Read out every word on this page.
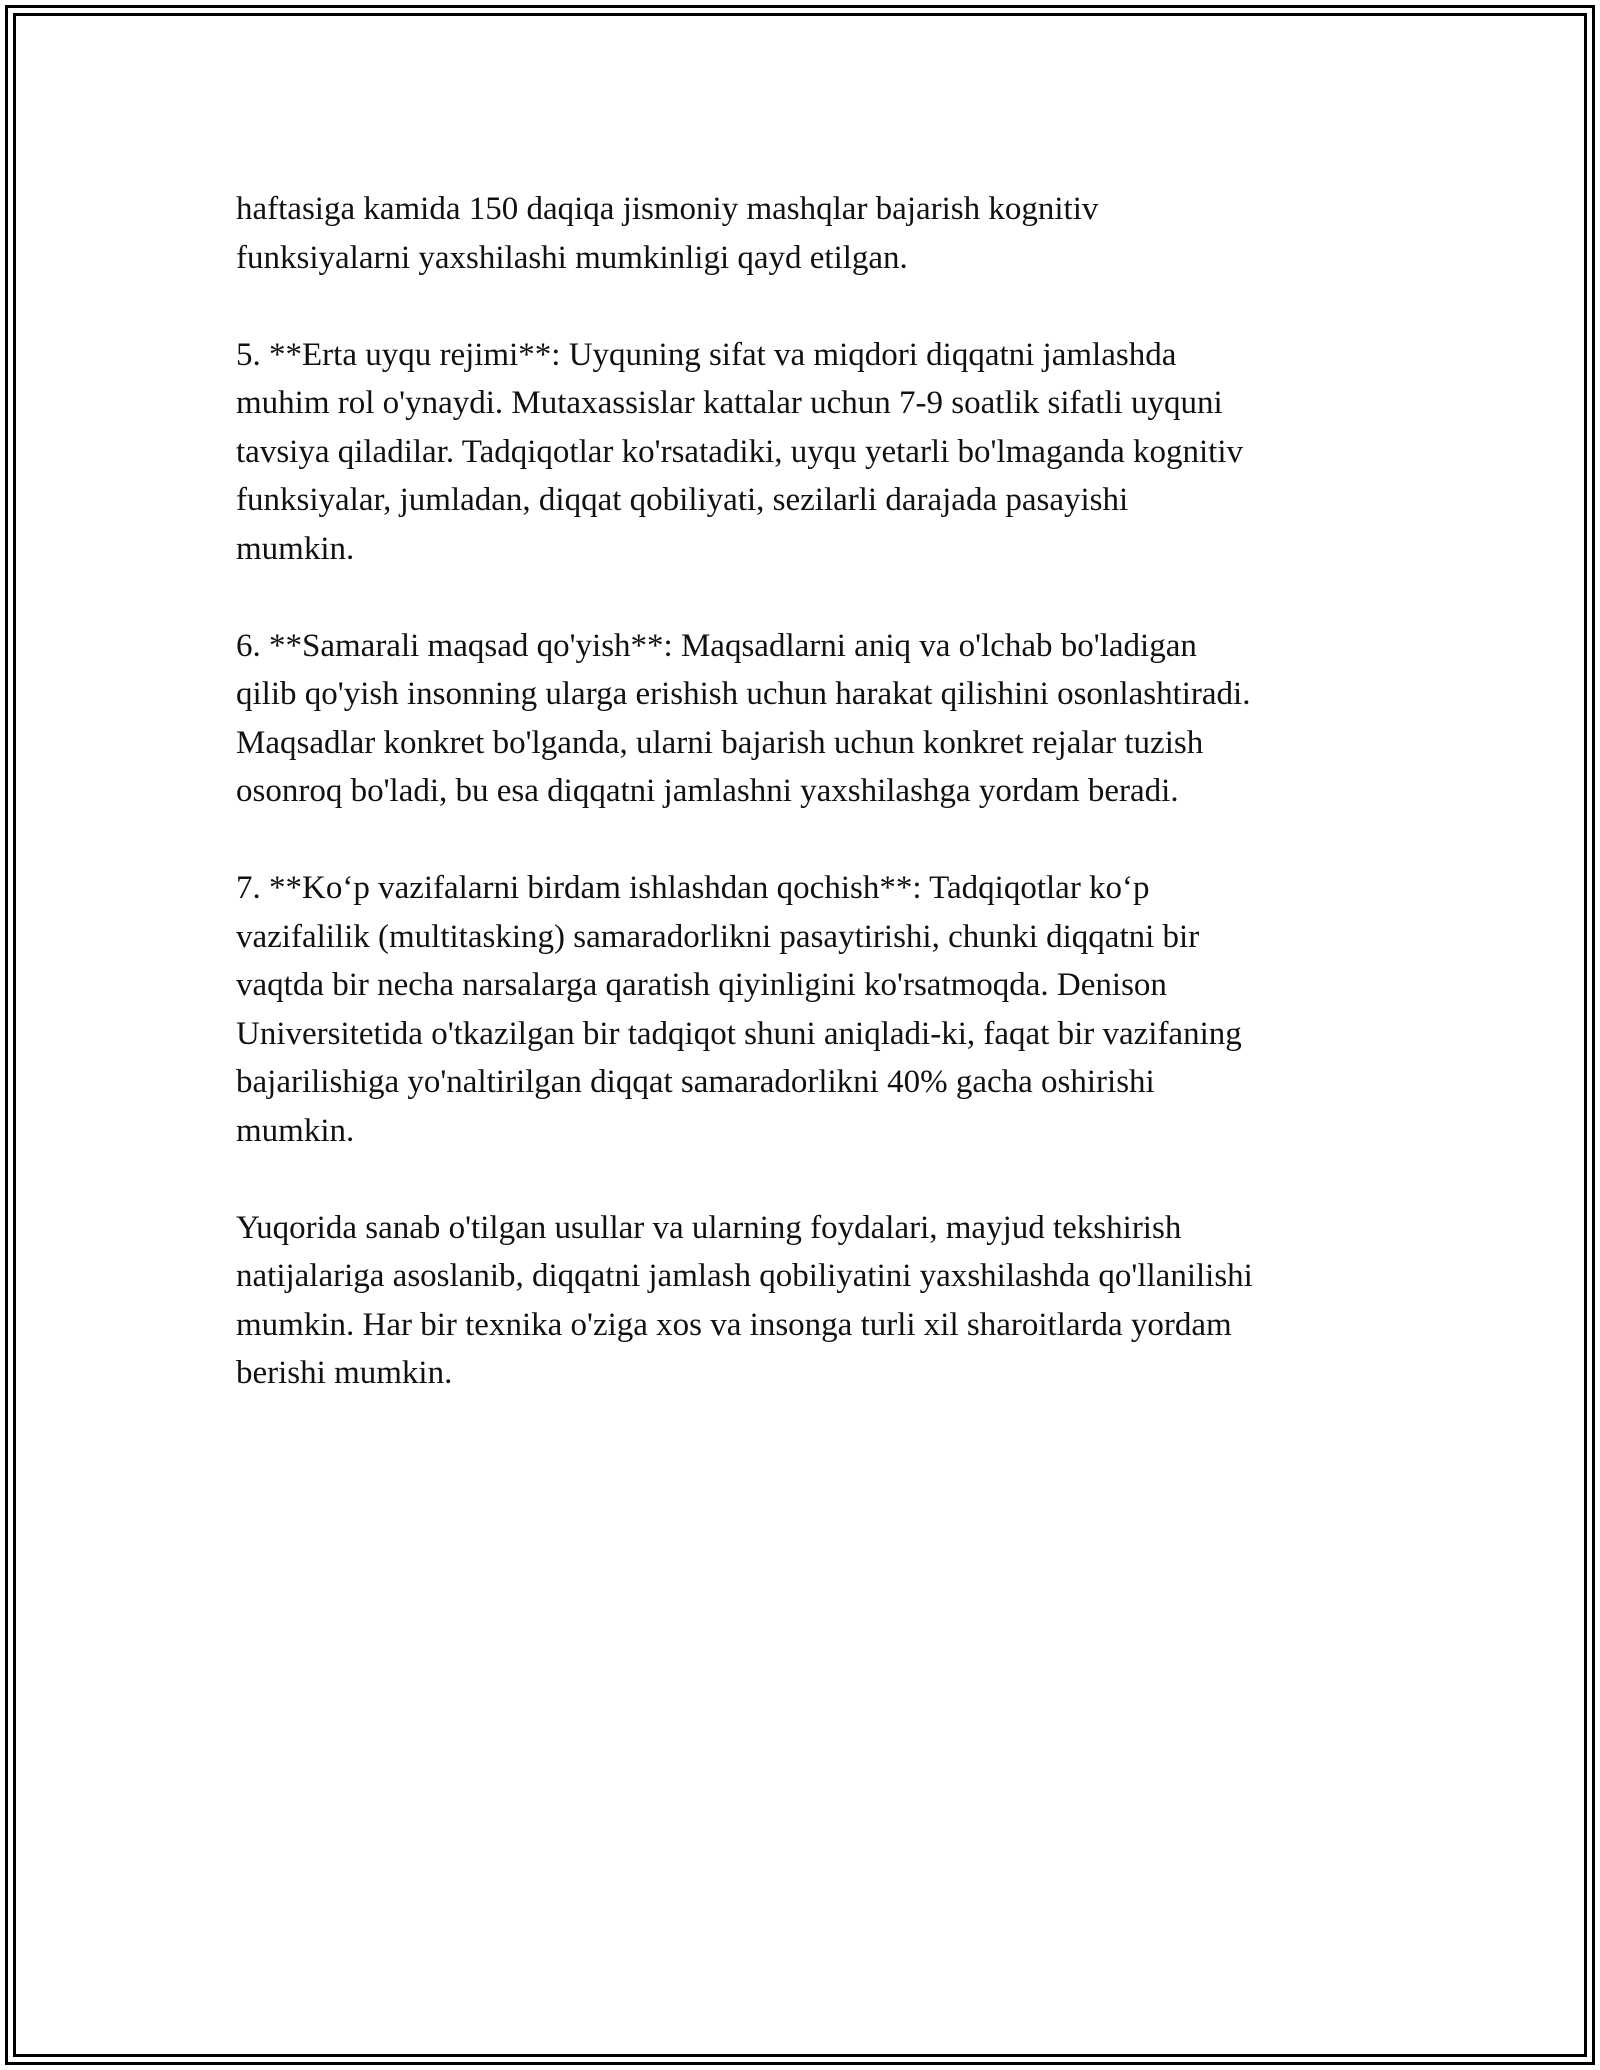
haftasiga kamida 150 daqiqa jismoniy mashqlar bajarish kognitiv
funksiyalarni yaxshilashi mumkinligi qayd etilgan.

5. **Erta uyqu rejimi**: Uyquning sifat va miqdori diqqatni jamlashda
muhim rol o'ynaydi. Mutaxassislar kattalar uchun 7-9 soatlik sifatli uyquni
tavsiya qiladilar. Tadqiqotlar ko'rsatadiki, uyqu yetarli bo'lmaganda kognitiv
funksiyalar, jumladan, diqqat qobiliyati, sezilarli darajada pasayishi
mumkin.

6. **Samarali maqsad qo'yish**: Maqsadlarni aniq va o'lchab bo'ladigan
qilib qo'yish insonning ularga erishish uchun harakat qilishini osonlashtiradi.
Maqsadlar konkret bo'lganda, ularni bajarish uchun konkret rejalar tuzish
osonroq bo'ladi, bu esa diqqatni jamlashni yaxshilashga yordam beradi.

7. **Ko‘p vazifalarni birdam ishlashdan qochish**: Tadqiqotlar ko‘p
vazifalilik (multitasking) samaradorlikni pasaytirishi, chunki diqqatni bir
vaqtda bir necha narsalarga qaratish qiyinligini ko'rsatmoqda. Denison
Universitetida o'tkazilgan bir tadqiqot shuni aniqladi-ki, faqat bir vazifaning
bajarilishiga yo'naltirilgan diqqat samaradorlikni 40% gacha oshirishi
mumkin.

Yuqorida sanab o'tilgan usullar va ularning foydalari, mayjud tekshirish
natijalariga asoslanib, diqqatni jamlash qobiliyatini yaxshilashda qo'llanilishi
mumkin. Har bir texnika o'ziga xos va insonga turli xil sharoitlarda yordam
berishi mumkin.
